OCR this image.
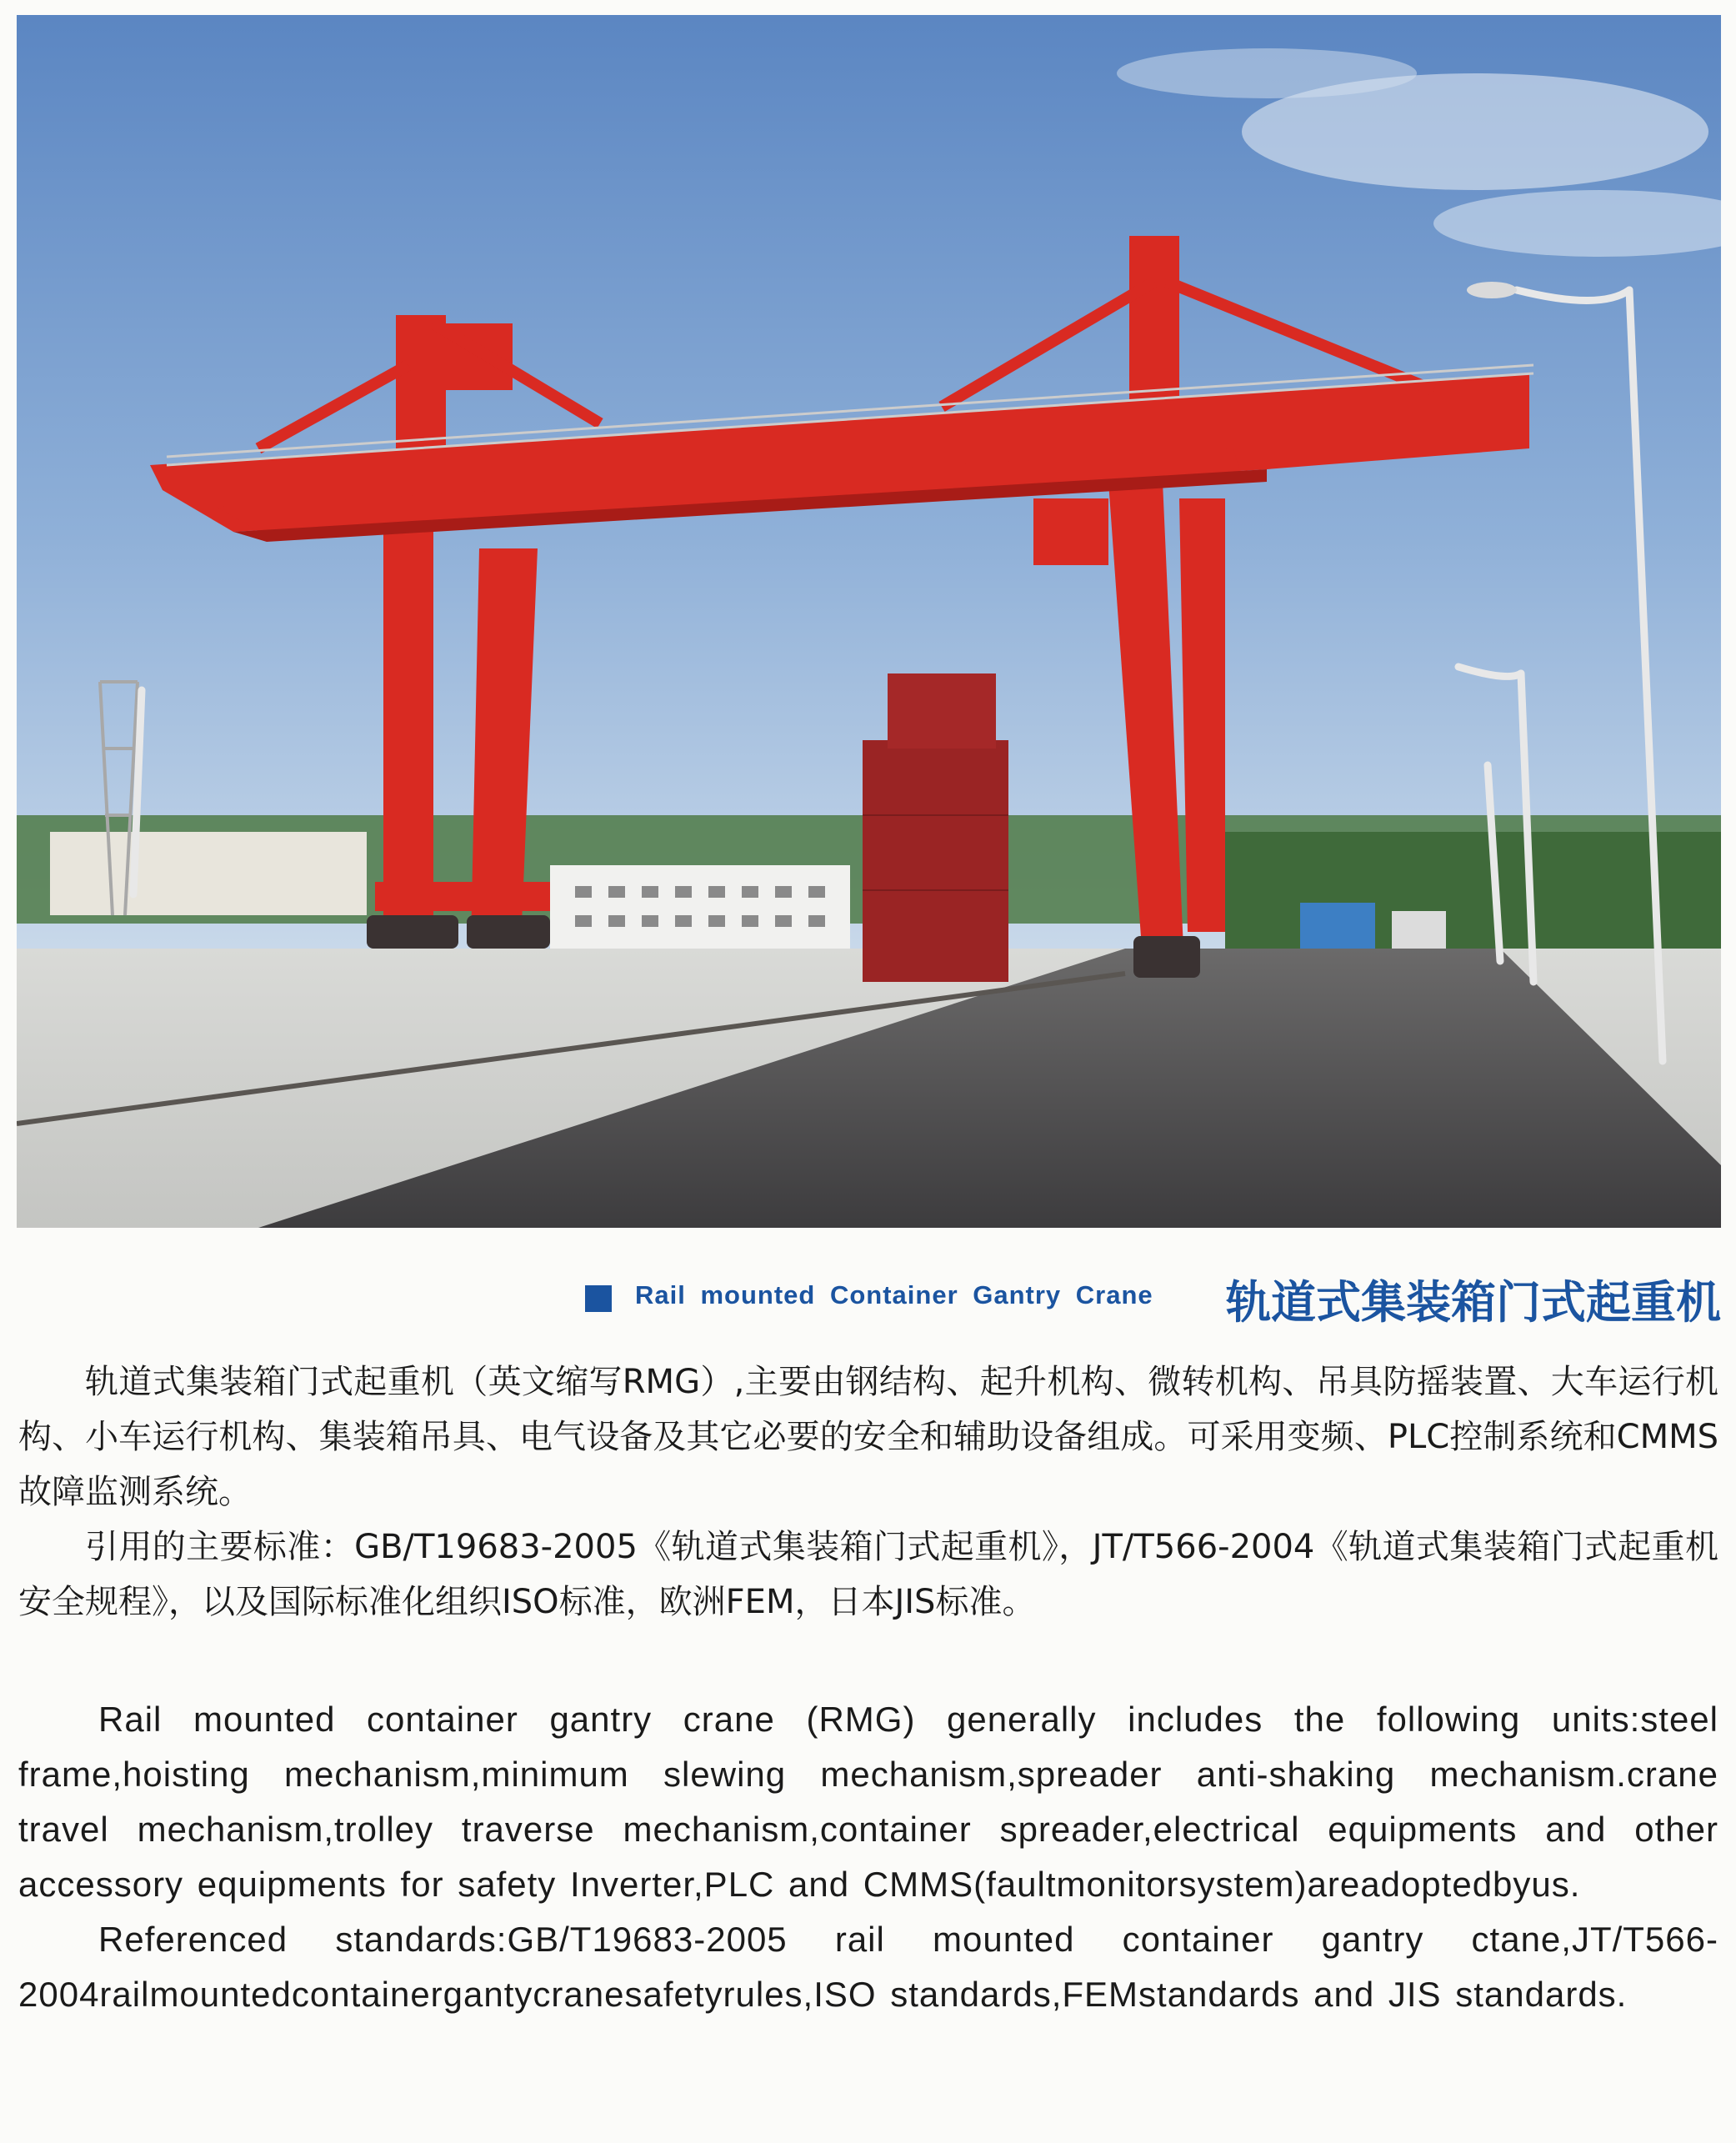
Rail mounted Container Gantry Crane 轨道式集装箱门式起重机

轨道式集装箱门式起重机（英文缩写RMG）,主要由钢结构、起升机构、微转机构、吊具防摇装置、大车运行机构、小车运行机构、集装箱吊具、电气设备及其它必要的安全和辅助设备组成。可采用变频、PLC控制系统和CMMS故障监测系统。

引用的主要标准：GB/T19683-2005《轨道式集装箱门式起重机》，JT/T566-2004《轨道式集装箱门式起重机安全规程》，以及国际标准化组织ISO标准，欧洲FEM，日本JIS标准。

Rail mounted container gantry crane (RMG) generally includes the following units:steel frame,hoisting mechanism,minimum slewing mechanism,spreader anti-shaking mechanism.crane travel mechanism,trolley traverse mechanism,container spreader,electrical equipments and other accessory equipments for safety Inverter,PLC and CMMS(faultmonitorsystem)areadoptedbyus.

Referenced standards:GB/T19683-2005 rail mounted container gantry ctane,JT/T566-2004railmountedcontainergantycranesafetyrules,ISO standards,FEMstandards and JIS standards.
